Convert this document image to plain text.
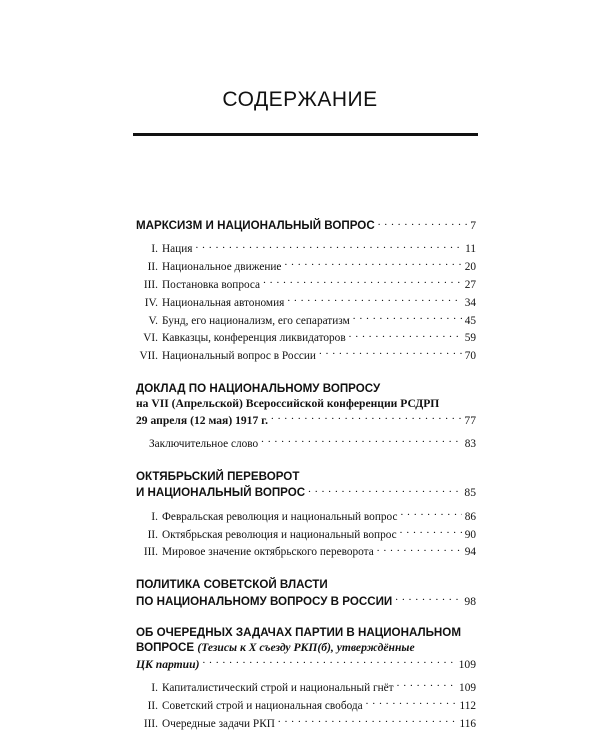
СОДЕРЖАНИЕ
МАРКСИЗМ И НАЦИОНАЛЬНЫЙ ВОПРОС . . .	7
I. Нация . . .	11
II. Национальное движение . . .	20
III. Постановка вопроса . . .	27
IV. Национальная автономия . . .	34
V. Бунд, его национализм, его сепаратизм . . .	45
VI. Кавказцы, конференция ликвидаторов . . .	59
VII. Национальный вопрос в России . . .	70
ДОКЛАД ПО НАЦИОНАЛЬНОМУ ВОПРОСУ
на VII (Апрельской) Всероссийской конференции РСДРП
29 апреля (12 мая) 1917 г. . . .	77
Заключительное слово . . .	83
ОКТЯБРЬСКИЙ ПЕРЕВОРОТ
И НАЦИОНАЛЬНЫЙ ВОПРОС . . .	85
I. Февральская революция и национальный вопрос . . .	86
II. Октябрьская революция и национальный вопрос . . .	90
III. Мировое значение октябрьского переворота . . .	94
ПОЛИТИКА СОВЕТСКОЙ ВЛАСТИ
ПО НАЦИОНАЛЬНОМУ ВОПРОСУ В РОССИИ . . .	98
ОБ ОЧЕРЕДНЫХ ЗАДАЧАХ ПАРТИИ В НАЦИОНАЛЬНОМ
ВОПРОСЕ (Тезисы к X съезду РКП(б), утверждённые
ЦК партии) . . .	109
I. Капиталистический строй и национальный гнёт . . .	109
II. Советский строй и национальная свобода . . .	112
III. Очередные задачи РКП . . .	116
